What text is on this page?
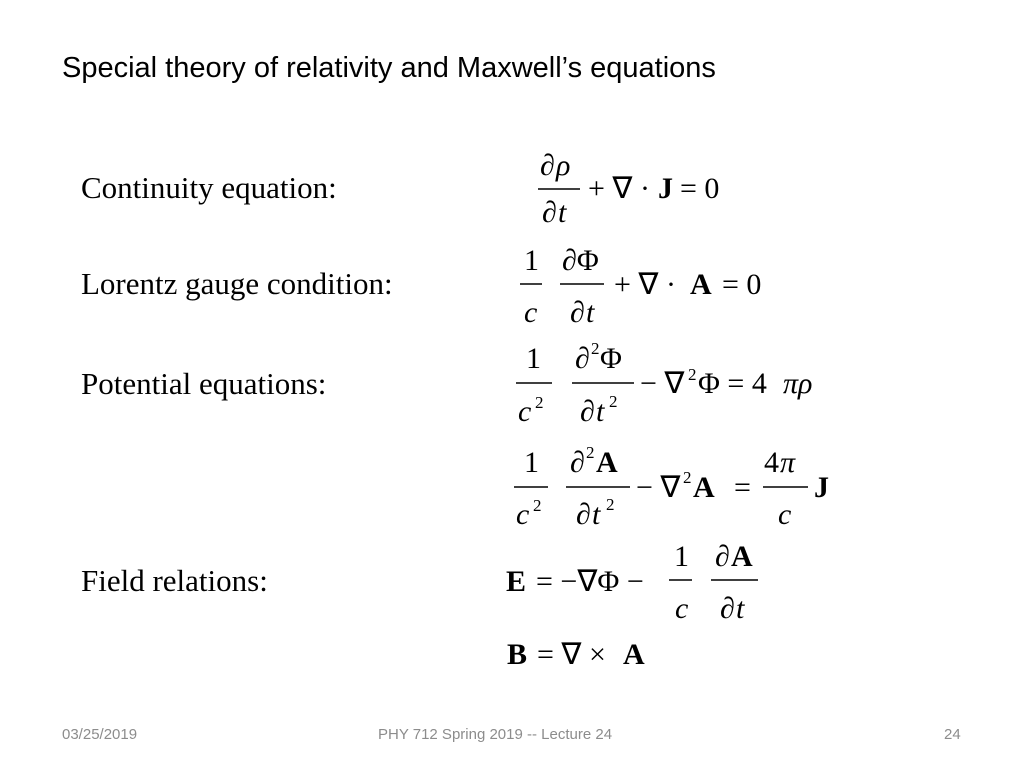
Special theory of relativity and Maxwell’s equations
Continuity equation:
Lorentz gauge condition:
Potential equations:
Field relations:
∂ ρ
∂ t
+ ∇ · J = 0
1
c
∂Φ
∂ t
+ ∇ · A = 0
1
c 2
∂ 2 Φ
∂ t 2
− ∇ 2 Φ = 4 πρ
1
c 2
∂ 2 A
∂ t 2
− ∇ 2 A =
4 π
c
J
E = −∇Φ −
1
c
∂ A
∂ t
B = ∇ × A
03/25/2019	PHY 712 Spring 2019 -- Lecture 24	24
